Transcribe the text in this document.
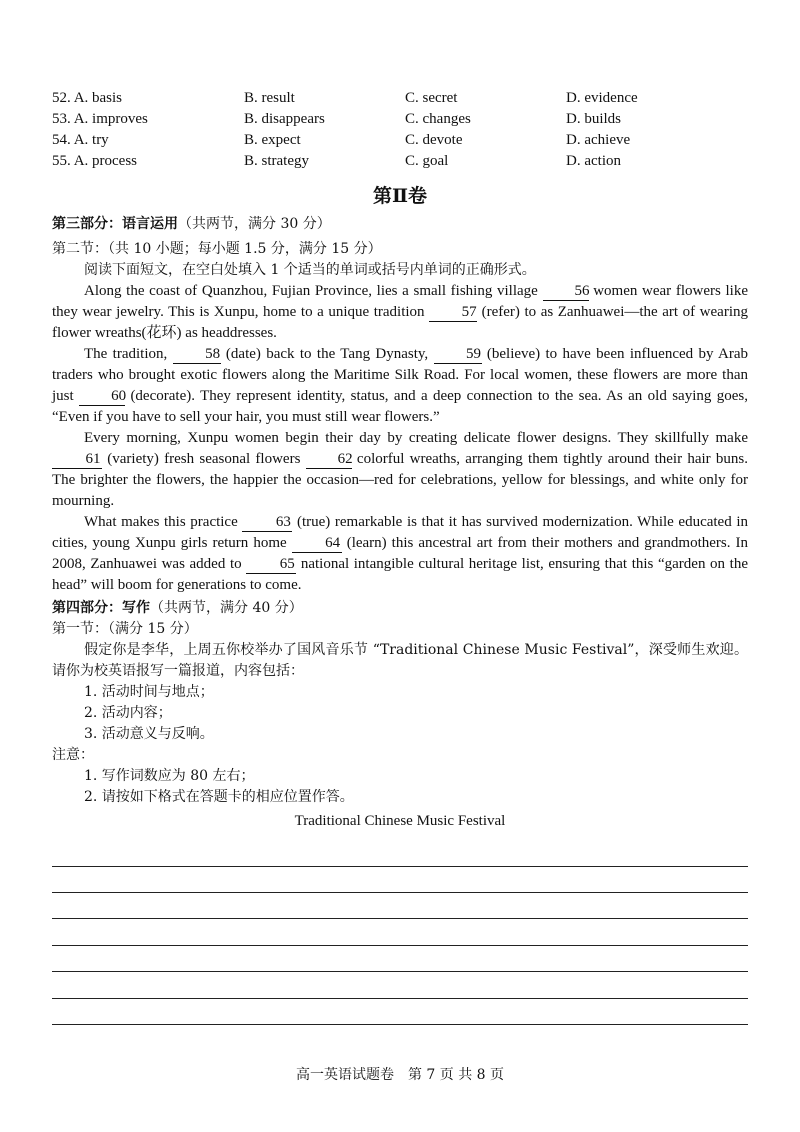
52. A. basis	B. result	C. secret	D. evidence
53. A. improves	B. disappears	C. changes	D. builds
54. A. try	B. expect	C. devote	D. achieve
55. A. process	B. strategy	C. goal	D. action
第Ⅱ卷
第三部分：语言运用（共两节，满分 30 分）
第二节：（共 10 小题；每小题 1.5 分，满分 15 分）
阅读下面短文，在空白处填入 1 个适当的单词或括号内单词的正确形式。
Along the coast of Quanzhou, Fujian Province, lies a small fishing village 56 women wear flowers like they wear jewelry. This is Xunpu, home to a unique tradition 57 (refer) to as Zanhuawei—the art of wearing flower wreaths(花环) as headdresses.
The tradition, 58 (date) back to the Tang Dynasty, 59 (believe) to have been influenced by Arab traders who brought exotic flowers along the Maritime Silk Road. For local women, these flowers are more than just 60 (decorate). They represent identity, status, and a deep connection to the sea. As an old saying goes, “Even if you have to sell your hair, you must still wear flowers.”
Every morning, Xunpu women begin their day by creating delicate flower designs. They skillfully make 61 (variety) fresh seasonal flowers 62 colorful wreaths, arranging them tightly around their hair buns. The brighter the flowers, the happier the occasion—red for celebrations, yellow for blessings, and white only for mourning.
What makes this practice 63 (true) remarkable is that it has survived modernization. While educated in cities, young Xunpu girls return home 64 (learn) this ancestral art from their mothers and grandmothers. In 2008, Zanhuawei was added to 65 national intangible cultural heritage list, ensuring that this “garden on the head” will boom for generations to come.
第四部分：写作（共两节，满分 40 分）
第一节：（满分 15 分）
假定你是李华，上周五你校举办了国风音乐节 “Traditional Chinese Music Festival”，深受师生欢迎。请你为校英语报写一篇报道，内容包括：
1. 活动时间与地点；
2. 活动内容；
3. 活动意义与反响。
注意：
1. 写作词数应为 80 左右；
2. 请按如下格式在答题卡的相应位置作答。
Traditional Chinese Music Festival
高一英语试题卷　第 7 页 共 8 页
